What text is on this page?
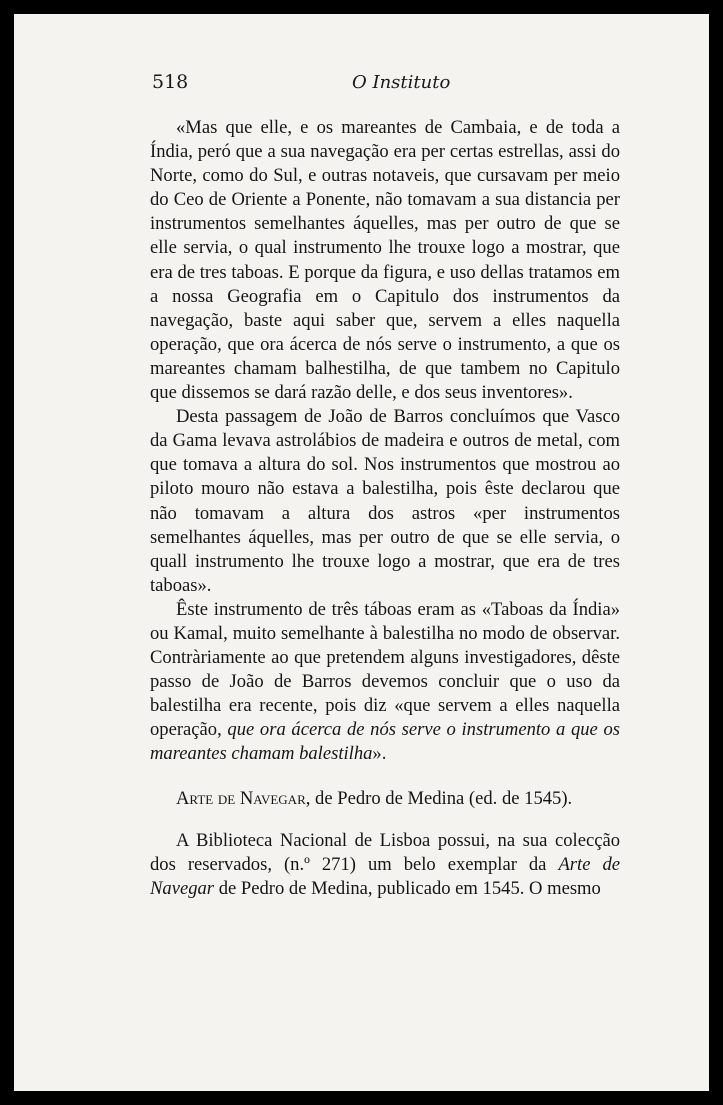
518	O Instituto

«Mas que elle, e os mareantes de Cambaia, e de toda a Índia, peró que a sua navegação era per certas estrellas, assi do Norte, como do Sul, e outras notaveis, que cursavam per meio do Ceo de Oriente a Ponente, não tomavam a sua distancia per instrumentos semelhantes áquelles, mas per outro de que se elle servia, o qual instrumento lhe trouxe logo a mostrar, que era de tres taboas. E porque da figura, e uso dellas tratamos em a nossa Geografia em o Capitulo dos instrumentos da navegação, baste aqui saber que, servem a elles naquella operação, que ora ácerca de nós serve o instrumento, a que os mareantes chamam balhestilha, de que tambem no Capitulo que dissemos se dará razão delle, e dos seus inventores».

Desta passagem de João de Barros concluímos que Vasco da Gama levava astrolábios de madeira e outros de metal, com que tomava a altura do sol. Nos instrumentos que mostrou ao piloto mouro não estava a balestilha, pois êste declarou que não tomavam a altura dos astros «per instrumentos semelhantes áquelles, mas per outro de que se elle servia, o quall instrumento lhe trouxe logo a mostrar, que era de tres taboas».

Êste instrumento de três táboas eram as «Taboas da Índia» ou Kamal, muito semelhante à balestilha no modo de observar. Contràriamente ao que pretendem alguns investigadores, dêste passo de João de Barros devemos concluir que o uso da balestilha era recente, pois diz «que servem a elles naquella operação, que ora ácerca de nós serve o instrumento a que os mareantes chamam balestilha».

Arte de Navegar, de Pedro de Medina (ed. de 1545).

A Biblioteca Nacional de Lisboa possui, na sua colecção dos reservados, (n.º 271) um belo exemplar da Arte de Navegar de Pedro de Medina, publicado em 1545. O mesmo
